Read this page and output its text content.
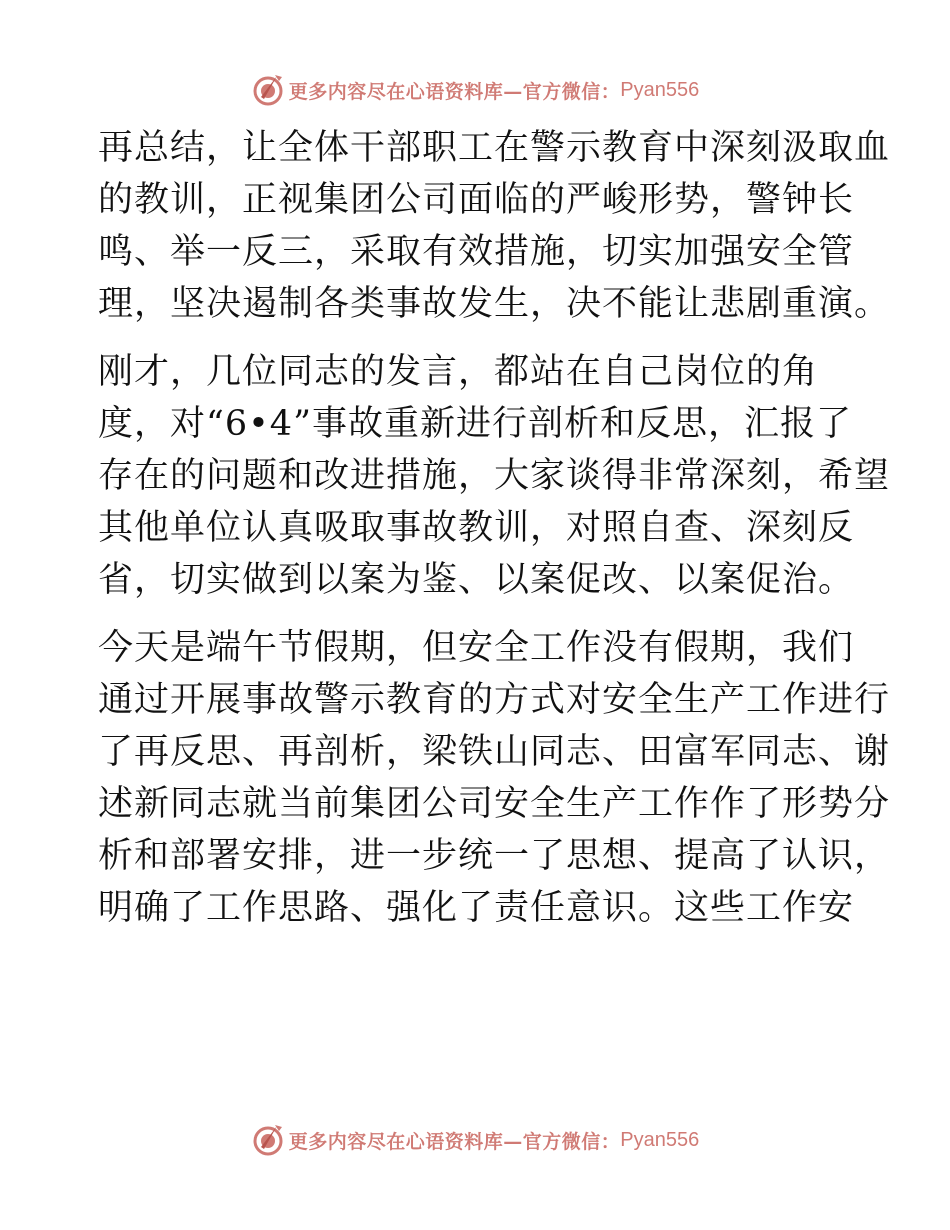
更多内容尽在心语资料库—官方微信： Pyan556
再总结，让全体干部职工在警示教育中深刻汲取血
的教训，正视集团公司面临的严峻形势，警钟长
鸣、举一反三，采取有效措施，切实加强安全管
理，坚决遏制各类事故发生，决不能让悲剧重演。
刚才，几位同志的发言，都站在自己岗位的角
度，对“6•4”事故重新进行剖析和反思，汇报了
存在的问题和改进措施，大家谈得非常深刻，希望
其他单位认真吸取事故教训，对照自查、深刻反
省，切实做到以案为鉴、以案促改、以案促治。
今天是端午节假期，但安全工作没有假期，我们
通过开展事故警示教育的方式对安全生产工作进行
了再反思、再剖析，梁铁山同志、田富军同志、谢
述新同志就当前集团公司安全生产工作作了形势分
析和部署安排，进一步统一了思想、提高了认识，
明确了工作思路、强化了责任意识。这些工作安
更多内容尽在心语资料库—官方微信： Pyan556
